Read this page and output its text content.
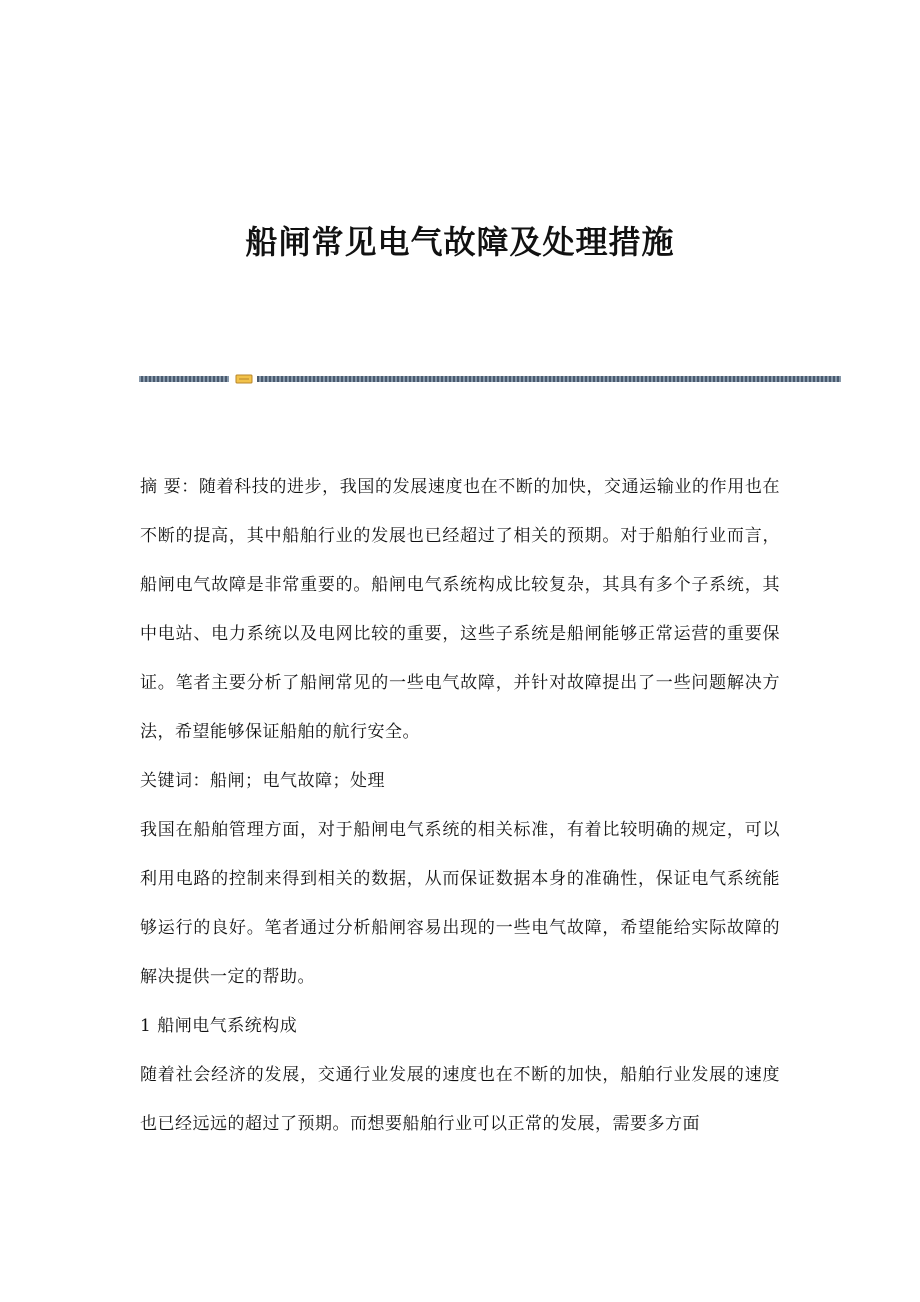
船闸常见电气故障及处理措施

摘 要：随着科技的进步，我国的发展速度也在不断的加快，交通运输业的作用也在不断的提高，其中船舶行业的发展也已经超过了相关的预期。对于船舶行业而言，船闸电气故障是非常重要的。船闸电气系统构成比较复杂，其具有多个子系统，其中电站、电力系统以及电网比较的重要，这些子系统是船闸能够正常运营的重要保证。笔者主要分析了船闸常见的一些电气故障，并针对故障提出了一些问题解决方法，希望能够保证船舶的航行安全。

关键词：船闸；电气故障；处理

我国在船舶管理方面，对于船闸电气系统的相关标准，有着比较明确的规定，可以利用电路的控制来得到相关的数据，从而保证数据本身的准确性，保证电气系统能够运行的良好。笔者通过分析船闸容易出现的一些电气故障，希望能给实际故障的解决提供一定的帮助。

1 船闸电气系统构成

随着社会经济的发展，交通行业发展的速度也在不断的加快，船舶行业发展的速度也已经远远的超过了预期。而想要船舶行业可以正常的发展，需要多方面
